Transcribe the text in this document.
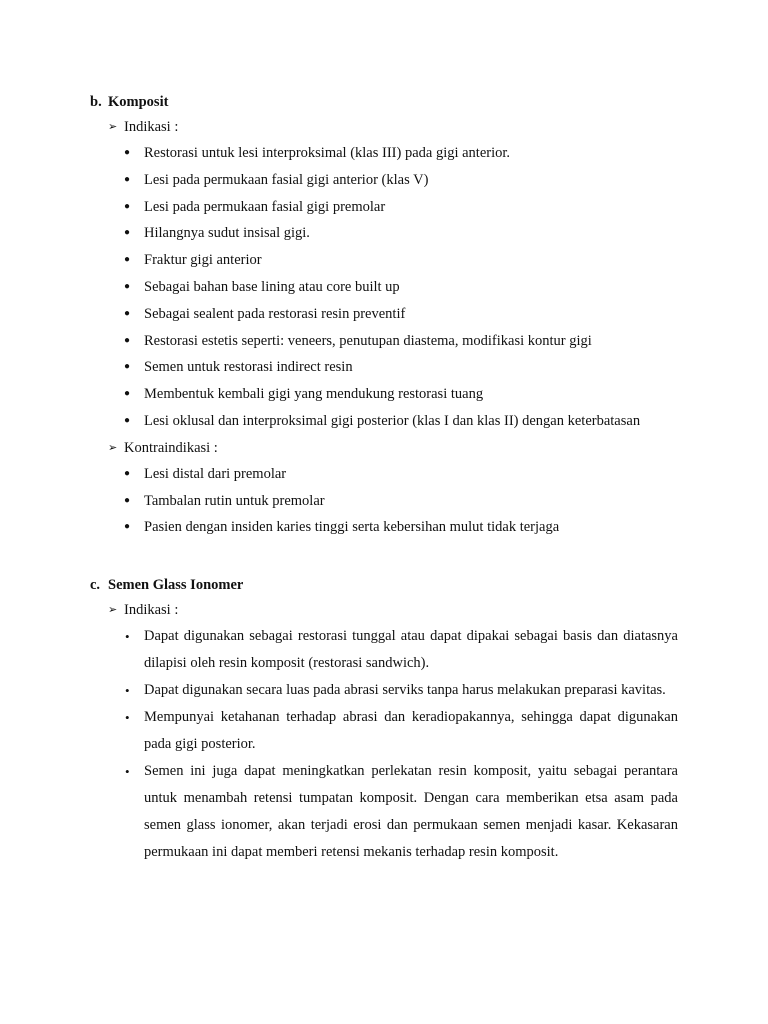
b. Komposit
➢ Indikasi :
● Restorasi untuk lesi interproksimal (klas III) pada gigi anterior.
● Lesi pada permukaan fasial gigi anterior (klas V)
● Lesi pada permukaan fasial gigi premolar
● Hilangnya sudut insisal gigi.
● Fraktur gigi anterior
● Sebagai bahan base lining atau core built up
● Sebagai sealent pada restorasi resin preventif
● Restorasi estetis seperti: veneers, penutupan diastema, modifikasi kontur gigi
● Semen untuk restorasi indirect resin
● Membentuk kembali gigi yang mendukung restorasi tuang
● Lesi oklusal dan interproksimal gigi posterior (klas I dan klas II) dengan keterbatasan
➢ Kontraindikasi :
● Lesi distal dari premolar
● Tambalan rutin untuk premolar
● Pasien dengan insiden karies tinggi serta kebersihan mulut tidak terjaga
c. Semen Glass Ionomer
➢ Indikasi :
• Dapat digunakan sebagai restorasi tunggal atau dapat dipakai sebagai basis dan diatasnya dilapisi oleh resin komposit (restorasi sandwich).
• Dapat digunakan secara luas pada abrasi serviks tanpa harus melakukan preparasi kavitas.
• Mempunyai ketahanan terhadap abrasi dan keradiopakannya, sehingga dapat digunakan pada gigi posterior.
• Semen ini juga dapat meningkatkan perlekatan resin komposit, yaitu sebagai perantara untuk menambah retensi tumpatan komposit. Dengan cara memberikan etsa asam pada semen glass ionomer, akan terjadi erosi dan permukaan semen menjadi kasar. Kekasaran permukaan ini dapat memberi retensi mekanis terhadap resin komposit.
